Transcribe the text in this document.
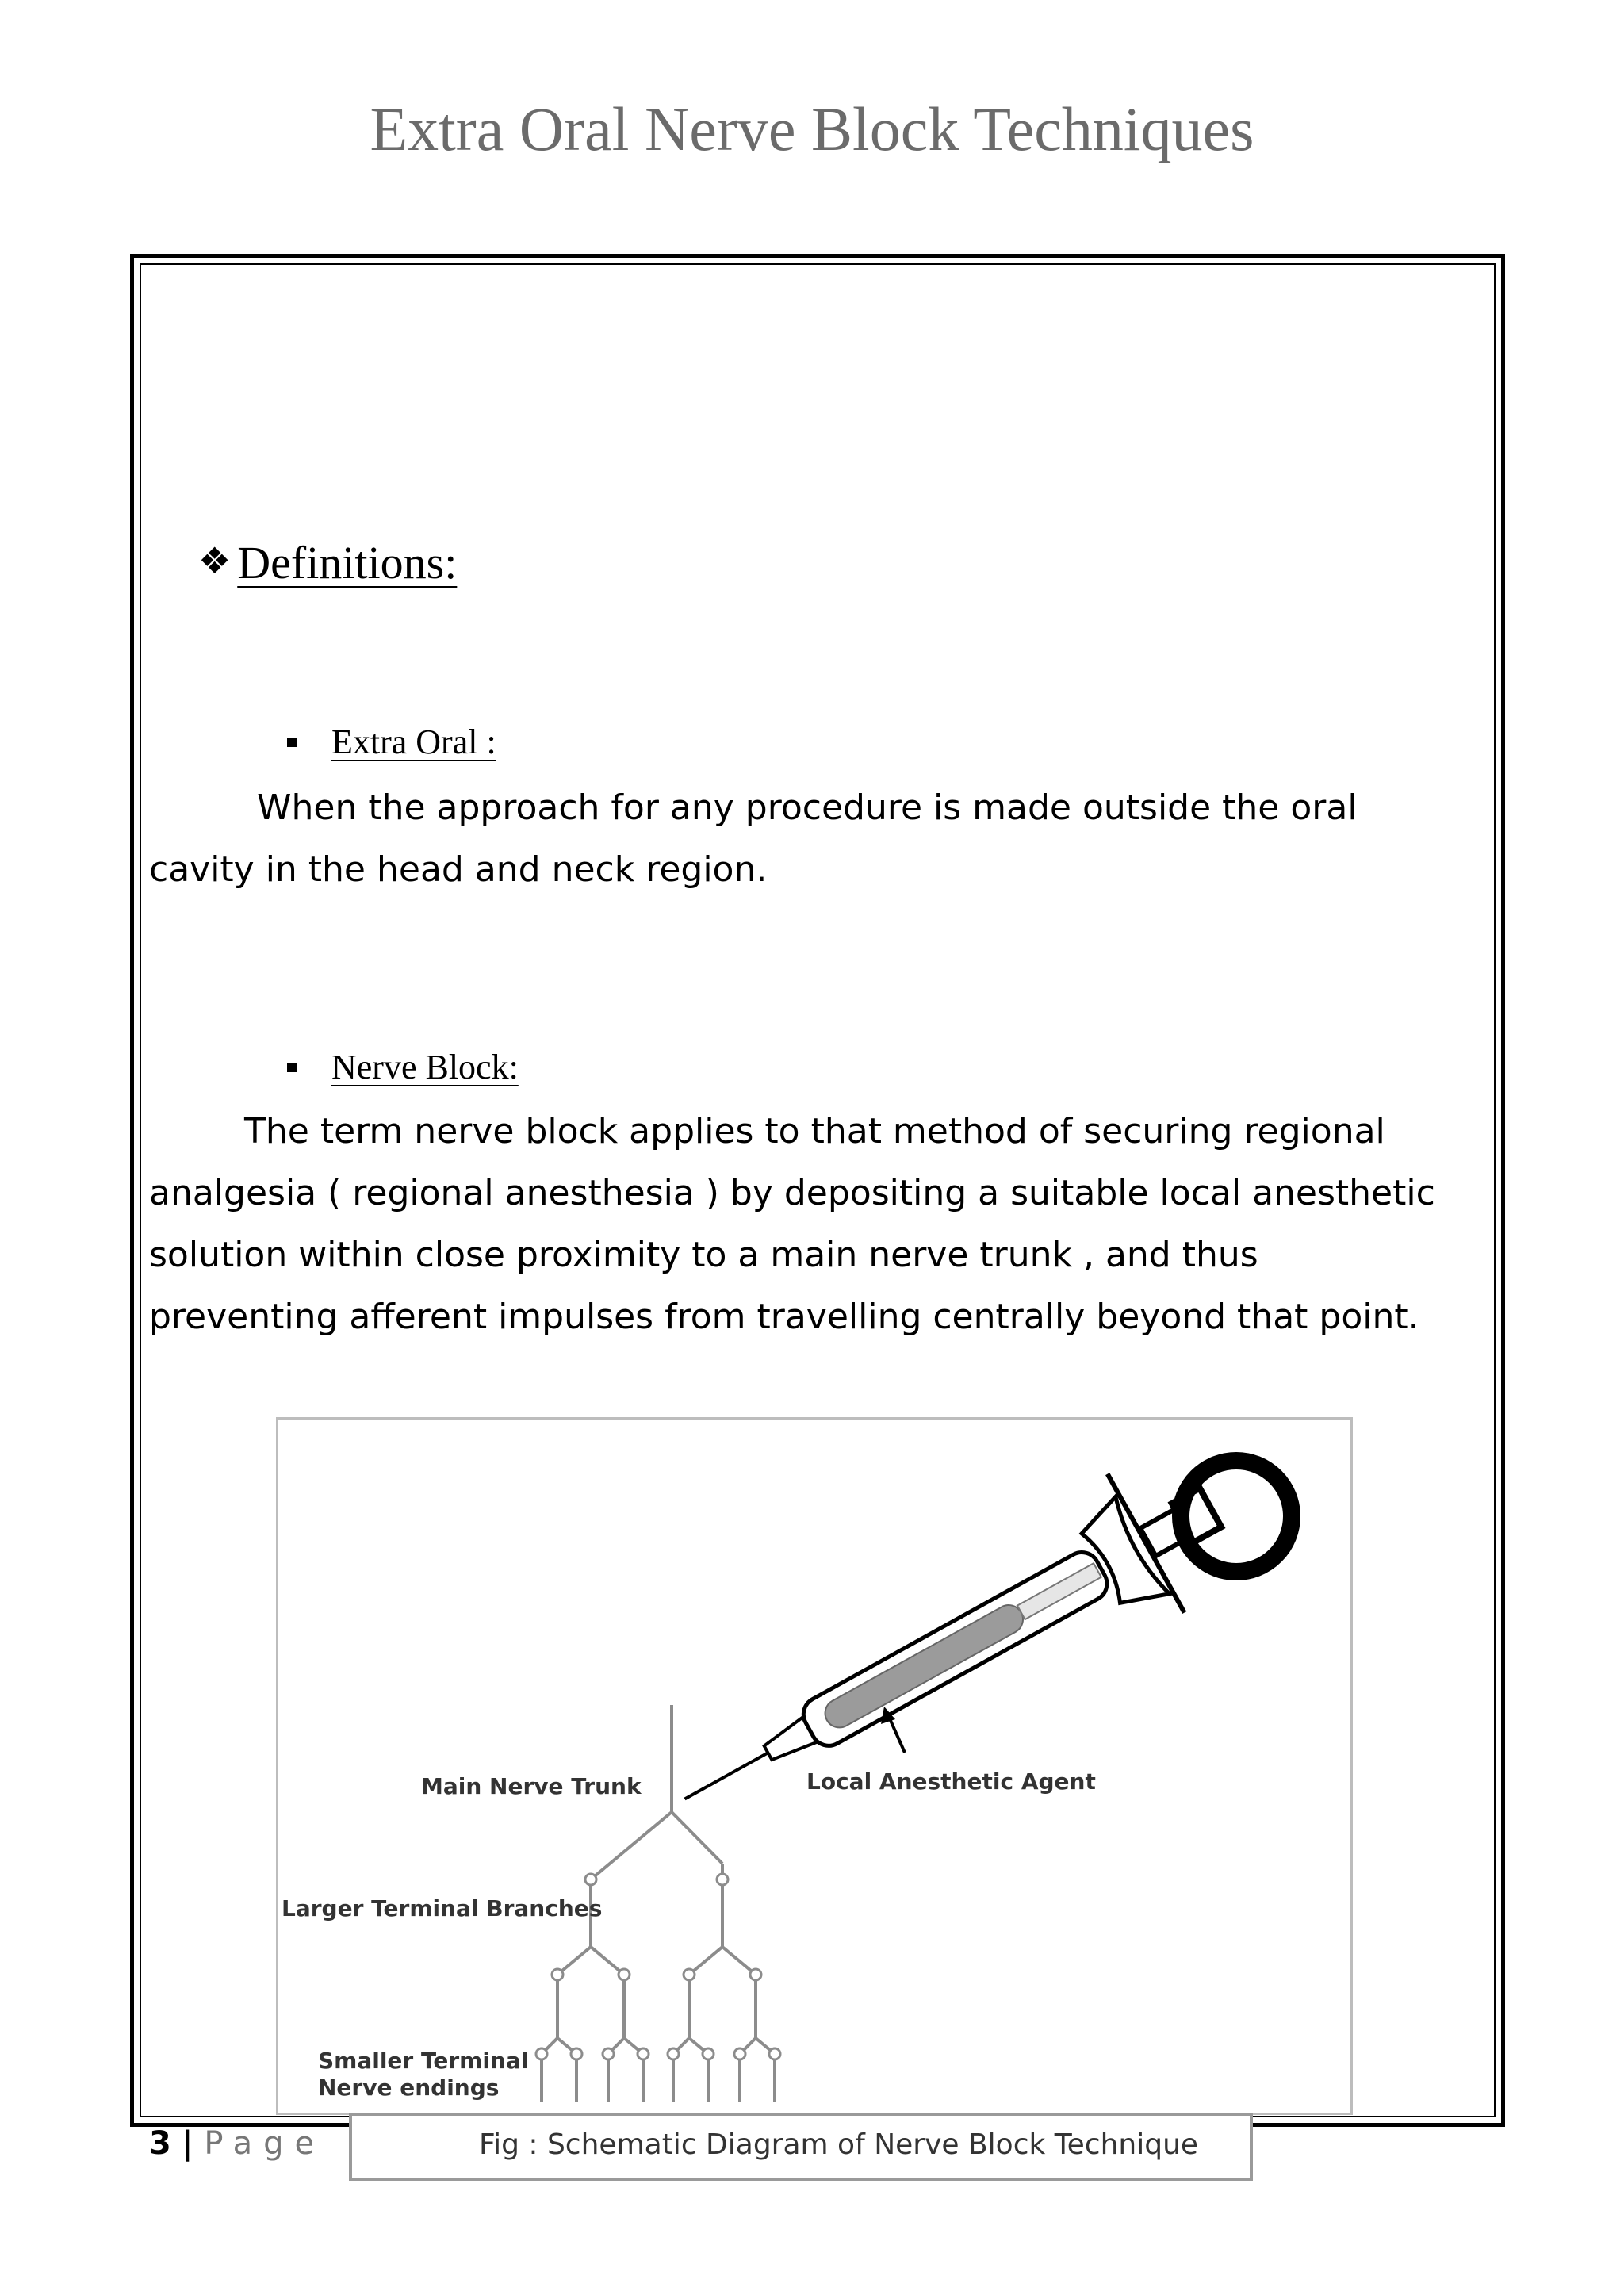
Extra Oral Nerve Block Techniques
❖ Definitions:
Extra Oral :

When the approach for any procedure is made outside the oral
cavity in the head and neck region.

Nerve Block:

The term nerve block applies to that method of securing regional
analgesia ( regional anesthesia ) by depositing a suitable local anesthetic
solution within close proximity to a main nerve trunk , and thus
preventing afferent impulses from travelling centrally beyond that point.

Main Nerve Trunk	Local Anesthetic Agent
Larger Terminal Branches
Smaller Terminal
Nerve endings
Fig : Schematic Diagram of Nerve Block Technique
3 | Page
